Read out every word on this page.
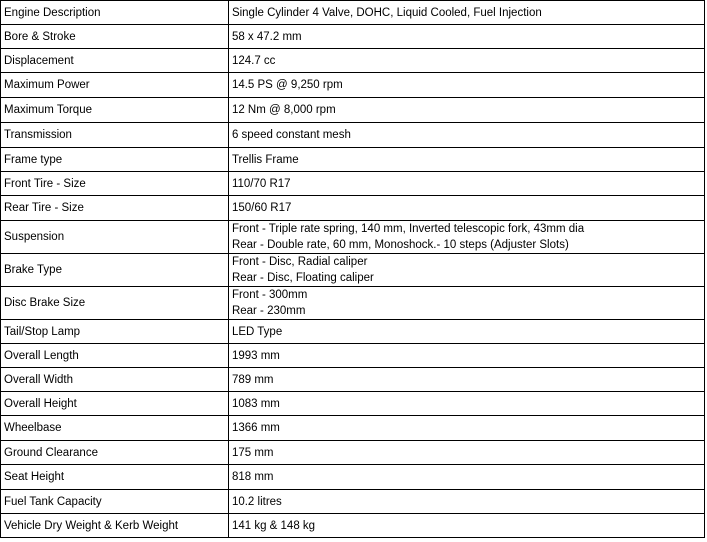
Engine Description	Single Cylinder 4 Valve, DOHC, Liquid Cooled, Fuel Injection

Bore & Stroke	58 x 47.2 mm

Displacement	124.7 cc

Maximum Power	14.5 PS @ 9,250 rpm

Maximum Torque	12 Nm @ 8,000 rpm

Transmission	6 speed constant mesh

Frame type	Trellis Frame

Front Tire - Size	110/70 R17

Rear Tire - Size	150/60 R17

Suspension	Front - Triple rate spring, 140 mm, Inverted telescopic fork, 43mm dia
Rear - Double rate, 60 mm, Monoshock.- 10 steps (Adjuster Slots)

Brake Type	Front - Disc, Radial caliper
Rear - Disc, Floating caliper

Disc Brake Size	Front - 300mm
Rear - 230mm

Tail/Stop Lamp	LED Type

Overall Length	1993 mm

Overall Width	789 mm

Overall Height	1083 mm

Wheelbase	1366 mm

Ground Clearance	175 mm

Seat Height	818 mm

Fuel Tank Capacity	10.2 litres

Vehicle Dry Weight & Kerb Weight	141 kg & 148 kg
